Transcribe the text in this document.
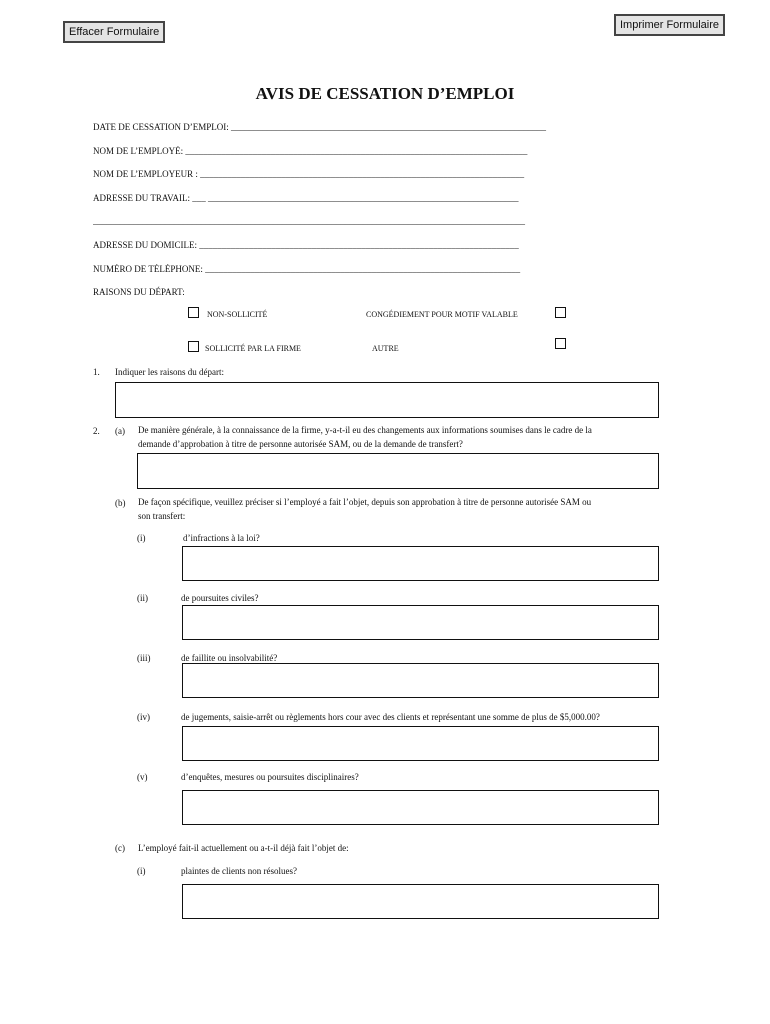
Effacer Formulaire
Imprimer Formulaire
AVIS DE CESSATION D’EMPLOI
DATE DE CESSATION D’EMPLOI: ______________________________________________________________________
NOM DE L’EMPLOYÉ: ____________________________________________________________________________
NOM DE L’EMPLOYEUR : ________________________________________________________________________
ADRESSE DU TRAVAIL: ___ _____________________________________________________________________
________________________________________________________________________________________________
ADRESSE DU DOMICILE: _______________________________________________________________________
NUMÉRO DE TÉLÉPHONE: ______________________________________________________________________
RAISONS DU DÉPART:
NON-SOLLICITÉ	CONGÉDIEMENT POUR MOTIF VALABLE
SOLLICITÉ PAR LA FIRME	AUTRE
1. Indiquer les raisons du départ:
2. (a) De manière générale, à la connaissance de la firme, y-a-t-il eu des changements aux informations soumises dans le cadre de la
demande d’approbation à titre de personne autorisée SAM, ou de la demande de transfert?
(b) De façon spécifique, veuillez préciser si l’employé a fait l’objet, depuis son approbation à titre de personne autorisée SAM ou
son transfert:
(i)	d’infractions à la loi?
(ii)	de poursuites civiles?
(iii)	de faillite ou insolvabilité?
(iv)	de jugements, saisie-arrêt ou règlements hors cour avec des clients et représentant une somme de plus de $5,000.00?
(v)	d’enquêtes, mesures ou poursuites disciplinaires?
(c) L’employé fait-il actuellement ou a-t-il déjà fait l’objet de:
(i)	plaintes de clients non résolues?
